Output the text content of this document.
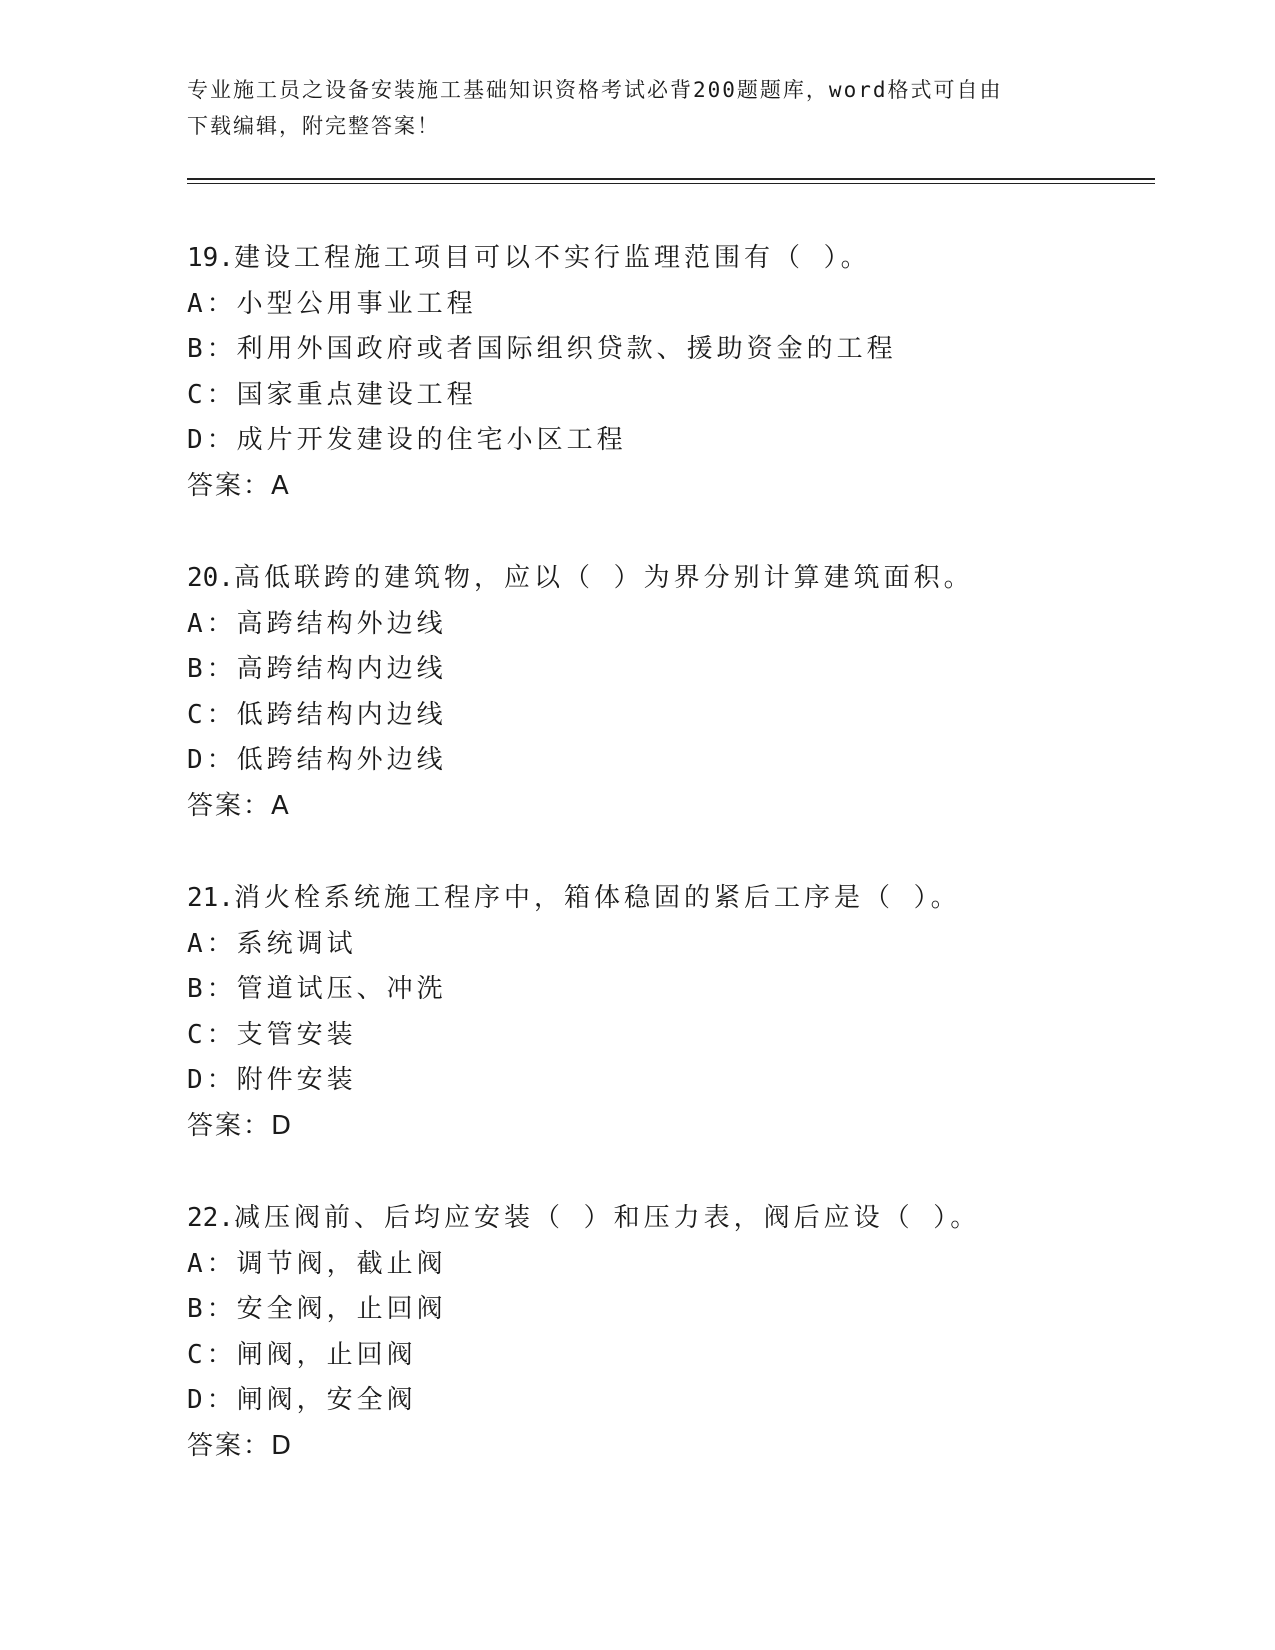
专业施工员之设备安装施工基础知识资格考试必背200题题库，word格式可自由
下载编辑，附完整答案！
19.建设工程施工项目可以不实行监理范围有（ ）。
A：小型公用事业工程
B：利用外国政府或者国际组织贷款、援助资金的工程
C：国家重点建设工程
D：成片开发建设的住宅小区工程
答案：A
20.高低联跨的建筑物，应以（ ）为界分别计算建筑面积。
A：高跨结构外边线
B：高跨结构内边线
C：低跨结构内边线
D：低跨结构外边线
答案：A
21.消火栓系统施工程序中，箱体稳固的紧后工序是（ ）。
A：系统调试
B：管道试压、冲洗
C：支管安装
D：附件安装
答案：D
22.减压阀前、后均应安装（ ）和压力表，阀后应设（ ）。
A：调节阀，截止阀
B：安全阀，止回阀
C：闸阀，止回阀
D：闸阀，安全阀
答案：D
